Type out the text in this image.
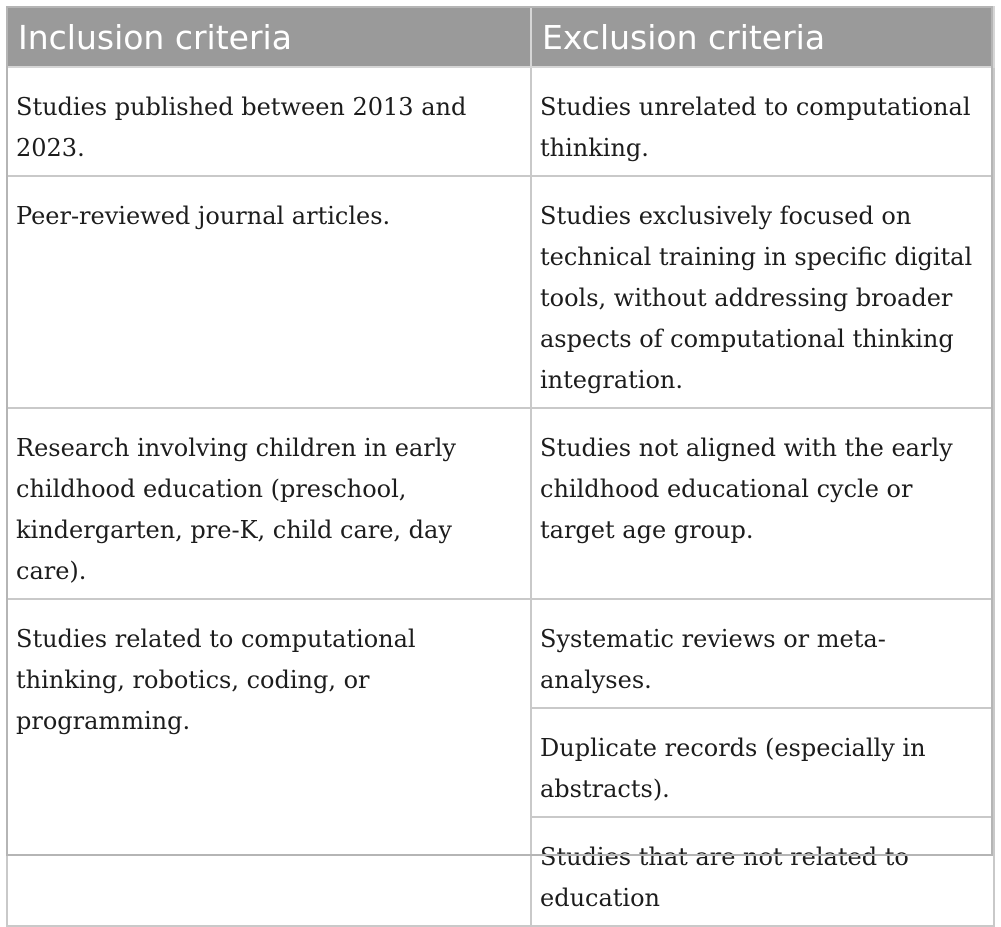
Inclusion criteria	Exclusion criteria
Studies published between 2013 and 2023.	Studies unrelated to computational thinking.
Peer-reviewed journal articles.	Studies exclusively focused on technical training in specific digital tools, without addressing broader aspects of computational thinking integration.
Research involving children in early childhood education (preschool, kindergarten, pre-K, child care, day care).	Studies not aligned with the early childhood educational cycle or target age group.
Studies related to computational thinking, robotics, coding, or programming.	Systematic reviews or meta-analyses.
	Duplicate records (especially in abstracts).
	Studies that are not related to education
